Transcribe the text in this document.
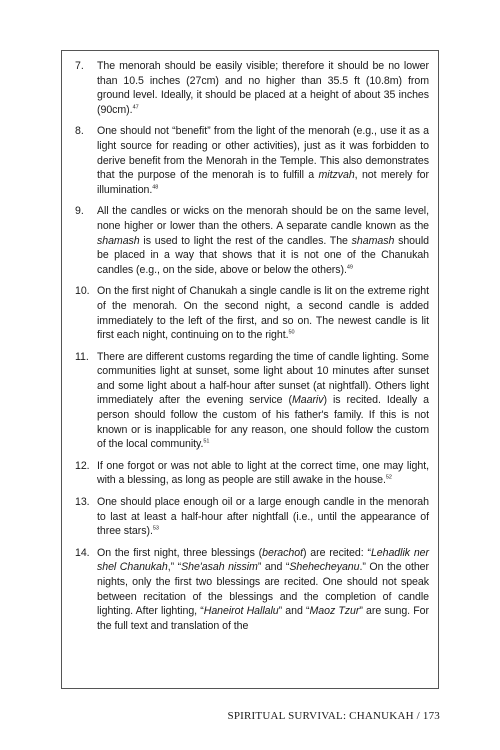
7.	The menorah should be easily visible; therefore it should be no lower than 10.5 inches (27cm) and no higher than 35.5 ft (10.8m) from ground level. Ideally, it should be placed at a height of about 35 inches (90cm).$^{47}$
8.	One should not “benefit” from the light of the menorah (e.g., use it as a light source for reading or other activities), just as it was forbidden to derive benefit from the Menorah in the Temple. This also demonstrates that the purpose of the menorah is to fulfill a mitzvah, not merely for illumination.$^{48}$
9.	All the candles or wicks on the menorah should be on the same level, none higher or lower than the others. A separate candle known as the shamash is used to light the rest of the candles. The shamash should be placed in a way that shows that it is not one of the Chanukah candles (e.g., on the side, above or below the others).$^{49}$
10. On the first night of Chanukah a single candle is lit on the extreme right of the menorah. On the second night, a second candle is added immediately to the left of the first, and so on. The newest candle is lit first each night, continuing on to the right.$^{50}$
11. There are different customs regarding the time of candle lighting. Some communities light at sunset, some light about 10 minutes after sunset and some light about a half-hour after sunset (at nightfall). Others light immediately after the evening service (Maariv) is recited. Ideally a person should follow the custom of his father's family. If this is not known or is inapplicable for any reason, one should follow the custom of the local community.$^{51}$
12. If one forgot or was not able to light at the correct time, one may light, with a blessing, as long as people are still awake in the house.$^{52}$
13. One should place enough oil or a large enough candle in the menorah to last at least a half-hour after nightfall (i.e., until the appearance of three stars).$^{53}$
14. On the first night, three blessings (berachot) are recited: “Lehadlik ner shel Chanukah,” “She'asah nissim” and “Shehecheyanu.” On the other nights, only the first two blessings are recited. One should not speak between recitation of the blessings and the completion of candle lighting. After lighting, “Haneirot Hallalu” and “Maoz Tzur” are sung. For the full text and translation of the
SPIRITUAL SURVIVAL: CHANUKAH / 173
